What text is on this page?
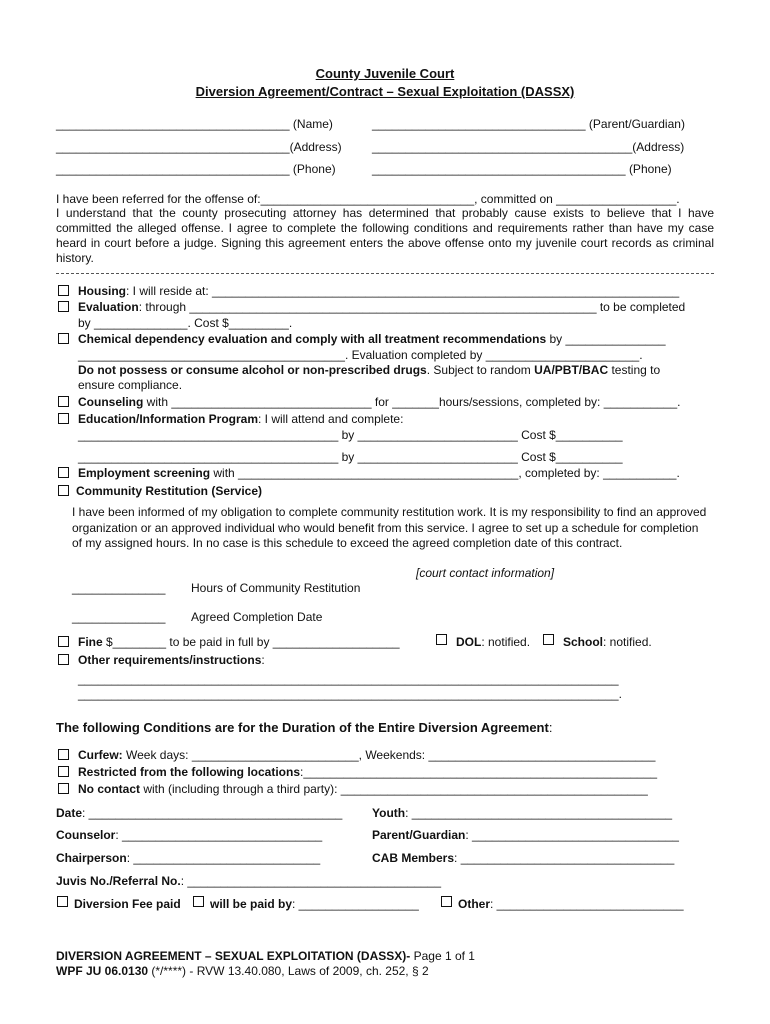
County Juvenile Court
Diversion Agreement/Contract – Sexual Exploitation (DASSX)
___________________________________ (Name)	________________________________ (Parent/Guardian)
___________________________________(Address)	_______________________________________(Address)
___________________________________ (Phone)	______________________________________ (Phone)
I have been referred for the offense of:________________________________, committed on __________________.
I understand that the county prosecuting attorney has determined that probably cause exists to believe that I have committed the alleged offense. I agree to complete the following conditions and requirements rather than have my case heard in court before a judge. Signing this agreement enters the above offense onto my juvenile court records as criminal history.
Housing: I will reside at: ______________________________________________________________________
Evaluation: through _____________________________________________________________ to be completed
by ______________. Cost $_________.
Chemical dependency evaluation and comply with all treatment recommendations by _______________
________________________________________. Evaluation completed by _______________________.
Do not possess or consume alcohol or non-prescribed drugs. Subject to random UA/PBT/BAC testing to
ensure compliance.
Counseling with ______________________________ for _______hours/sessions, completed by: ___________.
Education/Information Program: I will attend and complete:
_______________________________________ by ________________________ Cost $__________
_______________________________________ by ________________________ Cost $__________
Employment screening with __________________________________________, completed by: ___________.
Community Restitution (Service)
I have been informed of my obligation to complete community restitution work. It is my responsibility to find an approved organization or an approved individual who would benefit from this service. I agree to set up a schedule for completion of my assigned hours. In no case is this schedule to exceed the agreed completion date of this contract.
[court contact information]
______________ Hours of Community Restitution
______________ Agreed Completion Date
Fine $________ to be paid in full by ___________________	DOL: notified.	School: notified.
Other requirements/instructions:
_________________________________________________________________________________
_________________________________________________________________________________.
The following Conditions are for the Duration of the Entire Diversion Agreement:
Curfew: Week days: _________________________, Weekends: __________________________________
Restricted from the following locations:_____________________________________________________
No contact with (including through a third party): ______________________________________________
Date: ______________________________________ Youth: _______________________________________
Counselor: ______________________________	Parent/Guardian: _______________________________
Chairperson: ____________________________	CAB Members: ________________________________
Juvis No./Referral No.: ______________________________________
Diversion Fee paid will be paid by: __________________	Other: ____________________________
DIVERSION AGREEMENT – SEXUAL EXPLOITATION (DASSX)- Page 1 of 1
WPF JU 06.0130 (*/****) - RVW 13.40.080, Laws of 2009, ch. 252, § 2
